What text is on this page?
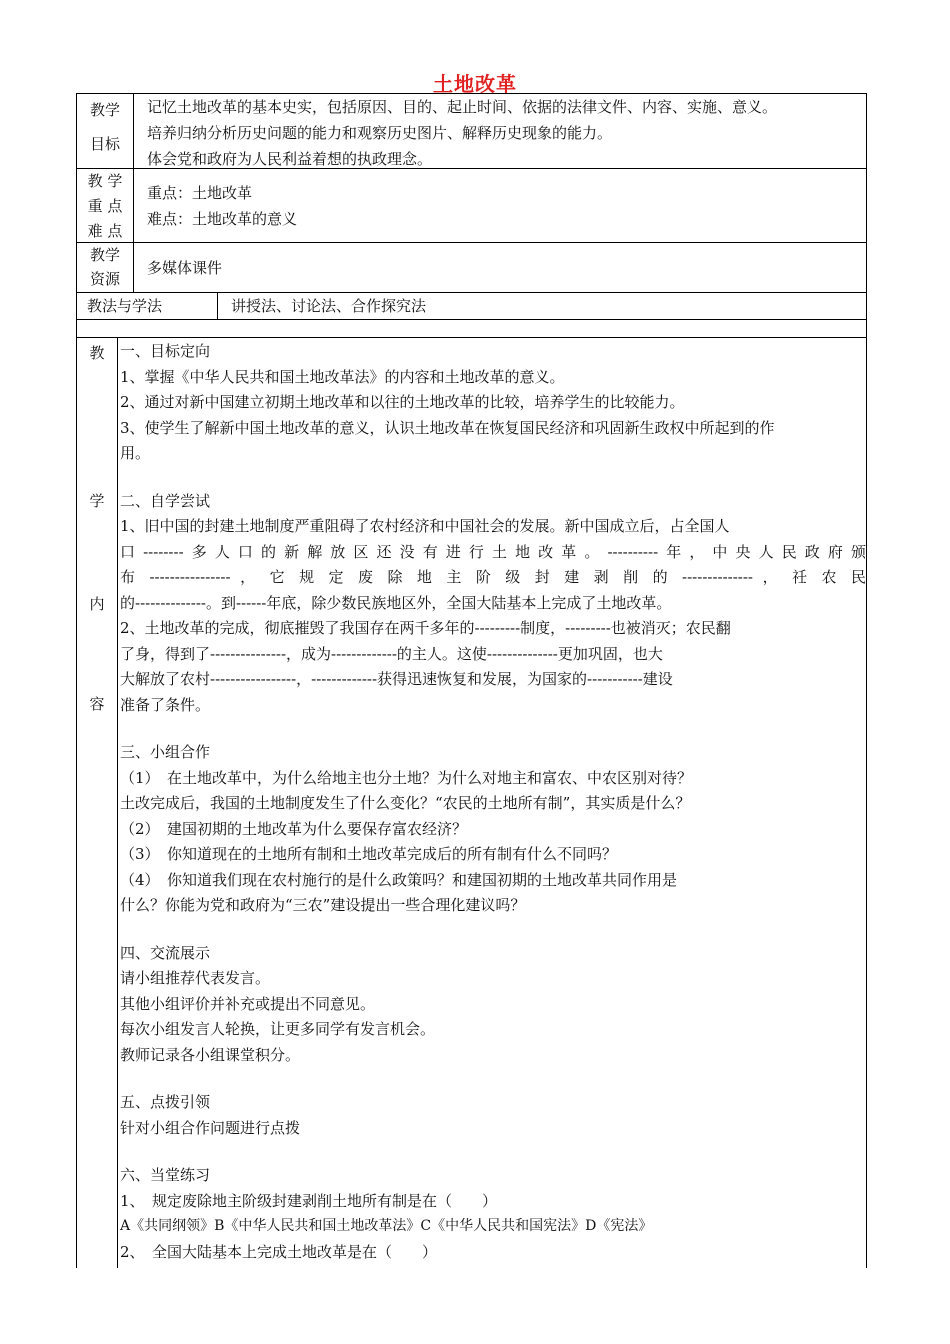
土地改革
教学
目标
记忆土地改革的基本史实，包括原因、目的、起止时间、依据的法律文件、内容、实施、意义。
培养归纳分析历史问题的能力和观察历史图片、解释历史现象的能力。
体会党和政府为人民利益着想的执政理念。
教 学
重 点
难 点
重点：土地改革
难点：土地改革的意义
教学
资源
多媒体课件
教法与学法	讲授法、讨论法、合作探究法
教
学
内
容
一、目标定向
1、掌握《中华人民共和国土地改革法》的内容和土地改革的意义。
2、通过对新中国建立初期土地改革和以往的土地改革的比较，培养学生的比较能力。
3、使学生了解新中国土地改革的意义，认识土地改革在恢复国民经济和巩固新生政权中所起到的作
用。
二、自学尝试
1、旧中国的封建土地制度严重阻碍了农村经济和中国社会的发展。新中国成立后，占全国人
口--------多人口的新解放区还没有进行土地改革。----------年，中央人民政府颁
布 ---------------- ， 它 规 定 废 除 地 主 阶 级 封 建 剥 削 的 -------------- ， 祍 农 民
的--------------。到------年底，除少数民族地区外，全国大陆基本上完成了土地改革。
2、土地改革的完成，彻底摧毁了我国存在两千多年的---------制度，---------也被消灭；农民翻
了身，得到了---------------，成为-------------的主人。这使--------------更加巩固，也大
大解放了农村-----------------，-------------获得迅速恢复和发展，为国家的-----------建设
准备了条件。
三、小组合作
（1）　在土地改革中，为什么给地主也分土地？为什么对地主和富农、中农区别对待？
土改完成后，我国的土地制度发生了什么变化？“农民的土地所有制”，其实质是什么？
（2）　建国初期的土地改革为什么要保存富农经济？
（3）　你知道现在的土地所有制和土地改革完成后的所有制有什么不同吗？
（4）　你知道我们现在农村施行的是什么政策吗？和建国初期的土地改革共同作用是
什么？你能为党和政府为“三农”建设提出一些合理化建议吗？
四、交流展示
请小组推荐代表发言。
其他小组评价并补充或提出不同意见。
每次小组发言人轮换，让更多同学有发言机会。
教师记录各小组课堂积分。
五、点拨引领
针对小组合作问题进行点拨
六、当堂练习
1、　规定废除地主阶级封建剥削土地所有制是在（　　）
A《共同纲领》B《中华人民共和国土地改革法》C《中华人民共和国宪法》D《宪法》
2、　全国大陆基本上完成土地改革是在（　　）
